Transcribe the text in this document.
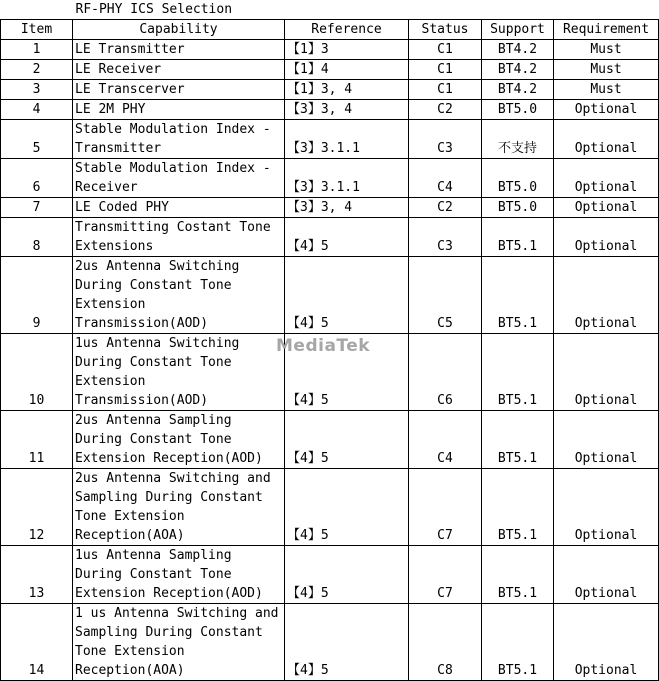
	RF-PHY ICS Selection				
Item	Capability	Reference	Status	Support	Requirement
1	LE Transmitter	【1】3	C1	BT4.2	Must
2	LE Receiver	【1】4	C1	BT4.2	Must
3	LE Transcerver	【1】3, 4	C1	BT4.2	Must
4	LE 2M PHY	【3】3, 4	C2	BT5.0	Optional
5	Stable Modulation Index - Transmitter	【3】3.1.1	C3	不支持	Optional
6	Stable Modulation Index - Receiver	【3】3.1.1	C4	BT5.0	Optional
7	LE Coded PHY	【3】3, 4	C2	BT5.0	Optional
8	Transmitting Costant Tone Extensions	【4】5	C3	BT5.1	Optional
9	2us Antenna Switching During Constant Tone Extension Transmission(AOD)	【4】5	C5	BT5.1	Optional
10	1us Antenna Switching During Constant Tone Extension Transmission(AOD)	【4】5	C6	BT5.1	Optional
11	2us Antenna Sampling During Constant Tone Extension Reception(AOD)	【4】5	C4	BT5.1	Optional
12	2us Antenna Switching and Sampling During Constant Tone Extension Reception(AOA)	【4】5	C7	BT5.1	Optional
13	1us Antenna Sampling During Constant Tone Extension Reception(AOD)	【4】5	C7	BT5.1	Optional
14	1 us Antenna Switching and Sampling During Constant Tone Extension Reception(AOA)	【4】5	C8	BT5.1	Optional
MediaTek
